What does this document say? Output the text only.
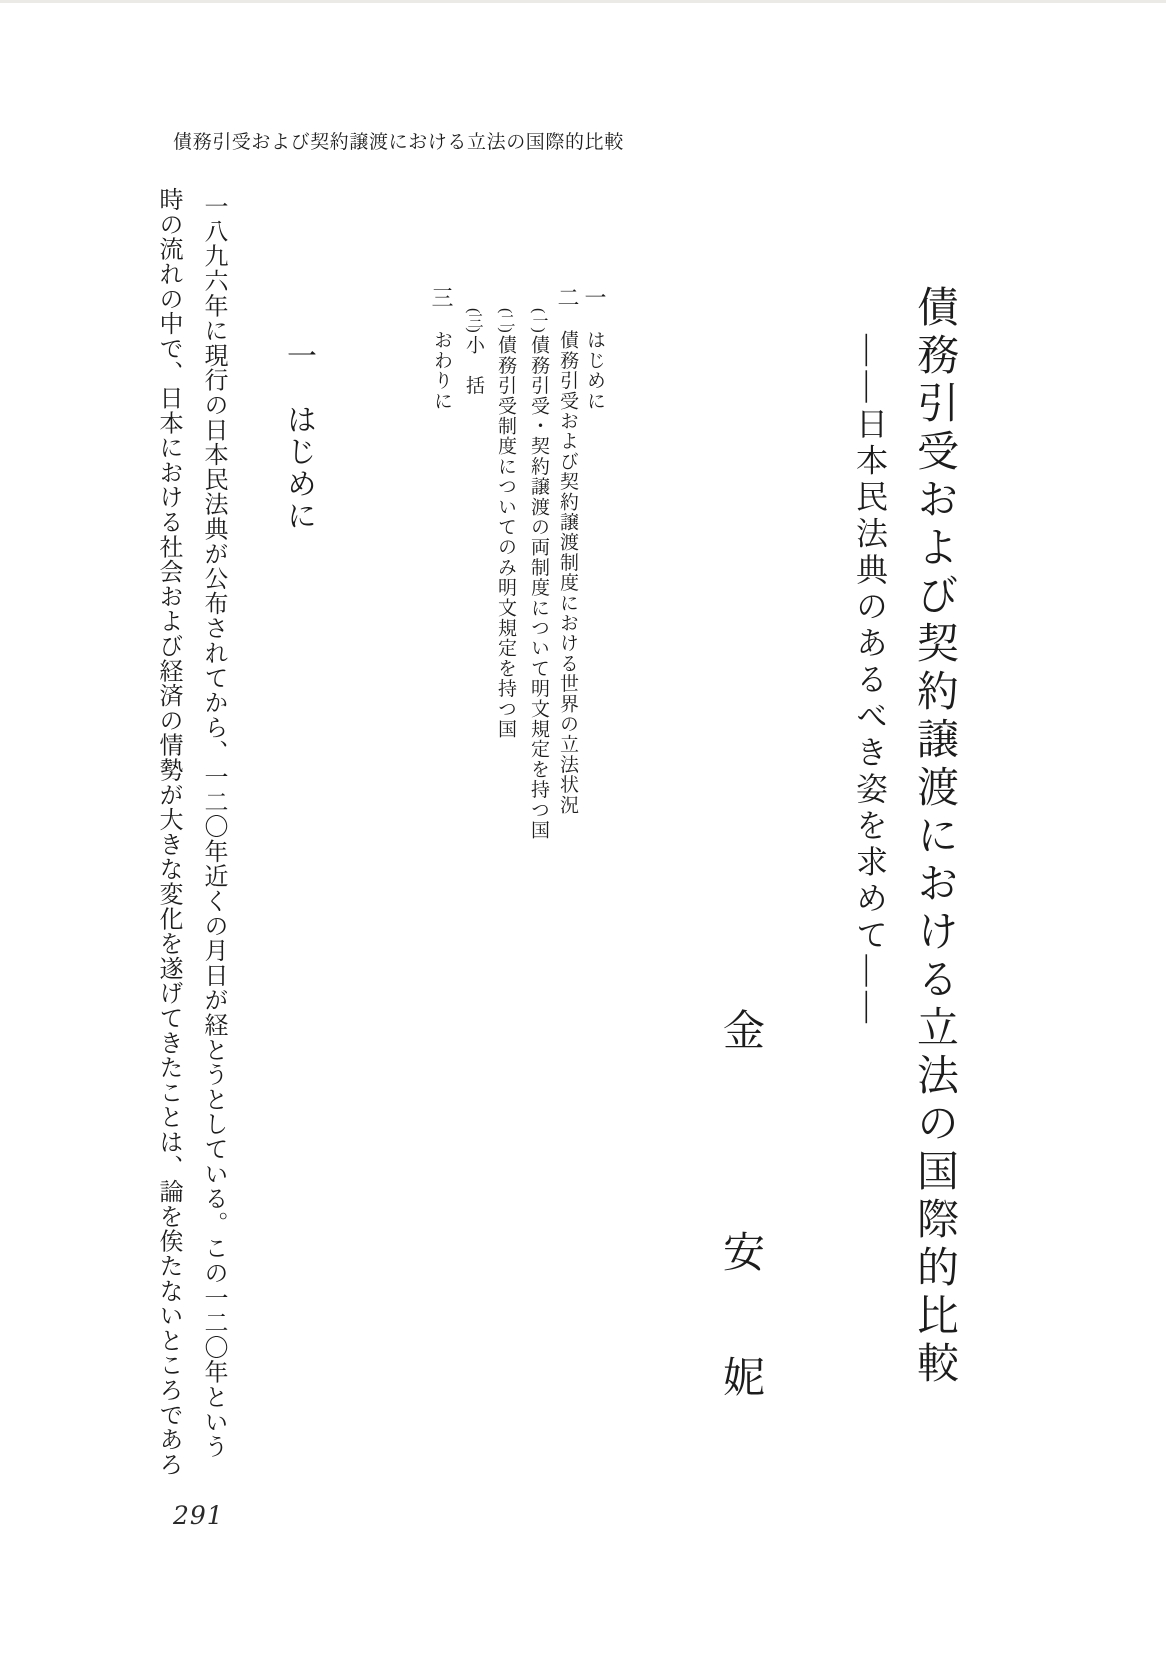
債務引受および契約譲渡における立法の国際的比較
債務引受および契約譲渡における立法の国際的比較
——日本民法典のあるべき姿を求めて——
金
安
妮
一はじめに
二債務引受および契約譲渡制度における世界の立法状況
(一)債務引受・契約譲渡の両制度について明文規定を持つ国
(二)債務引受制度についてのみ明文規定を持つ国
(三)小　括
三おわりに
一　はじめに
一八九六年に現行の日本民法典が公布されてから、一二〇年近くの月日が経とうとしている。この一二〇年という
時の流れの中で、日本における社会および経済の情勢が大きな変化を遂げてきたことは、論を俟たないところであろ
291
